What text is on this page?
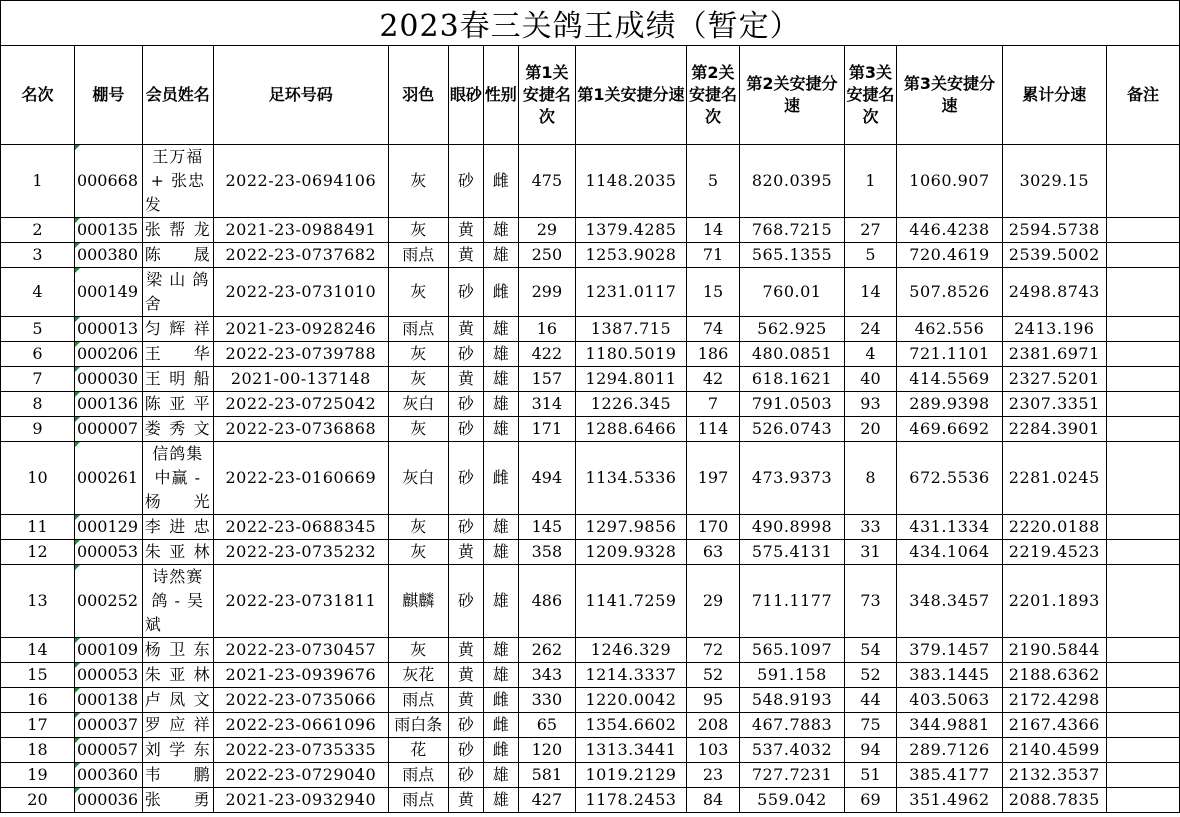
2023春三关鸽王成绩（暂定）
名次	棚号	会员姓名	足环号码	羽色	眼砂	性别	第1关安捷名次	第1关安捷分速	第2关安捷名次	第2关安捷分速	第3关安捷名次	第3关安捷分速	累计分速	备注
1	000668	王万福 + 张忠发	2022-23-0694106	灰	砂	雌	475	1148.2035	5	820.0395	1	1060.907	3029.15	
2	000135	张帮龙	2021-23-0988491	灰	黄	雄	29	1379.4285	14	768.7215	27	446.4238	2594.5738	
3	000380	陈 晟	2022-23-0737682	雨点	黄	雄	250	1253.9028	71	565.1355	5	720.4619	2539.5002	
4	000149	梁 山 鸽 舍	2022-23-0731010	灰	砂	雌	299	1231.0117	15	760.01	14	507.8526	2498.8743	
5	000013	匀辉祥	2021-23-0928246	雨点	黄	雄	16	1387.715	74	562.925	24	462.556	2413.196	
6	000206	王 华	2022-23-0739788	灰	砂	雄	422	1180.5019	186	480.0851	4	721.1101	2381.6971	
7	000030	王明船	2021-00-137148	灰	黄	雄	157	1294.8011	42	618.1621	40	414.5569	2327.5201	
8	000136	陈亚平	2022-23-0725042	灰白	砂	雄	314	1226.345	7	791.0503	93	289.9398	2307.3351	
9	000007	娄秀文	2022-23-0736868	灰	砂	雄	171	1288.6466	114	526.0743	20	469.6692	2284.3901	
10	000261	信鸽集中赢 - 杨 光	2022-23-0160669	灰白	砂	雌	494	1134.5336	197	473.9373	8	672.5536	2281.0245	
11	000129	李进忠	2022-23-0688345	灰	砂	雄	145	1297.9856	170	490.8998	33	431.1334	2220.0188	
12	000053	朱亚林	2022-23-0735232	灰	黄	雄	358	1209.9328	63	575.4131	31	434.1064	2219.4523	
13	000252	诗然赛鸽 - 吴 斌	2022-23-0731811	麒麟	砂	雄	486	1141.7259	29	711.1177	73	348.3457	2201.1893	
14	000109	杨卫东	2022-23-0730457	灰	黄	雄	262	1246.329	72	565.1097	54	379.1457	2190.5844	
15	000053	朱亚林	2021-23-0939676	灰花	黄	雄	343	1214.3337	52	591.158	52	383.1445	2188.6362	
16	000138	卢凤文	2022-23-0735066	雨点	黄	雌	330	1220.0042	95	548.9193	44	403.5063	2172.4298	
17	000037	罗应祥	2022-23-0661096	雨白条	砂	雌	65	1354.6602	208	467.7883	75	344.9881	2167.4366	
18	000057	刘学东	2022-23-0735335	花	砂	雌	120	1313.3441	103	537.4032	94	289.7126	2140.4599	
19	000360	韦 鹏	2022-23-0729040	雨点	砂	雄	581	1019.2129	23	727.7231	51	385.4177	2132.3537	
20	000036	张 勇	2021-23-0932940	雨点	黄	雄	427	1178.2453	84	559.042	69	351.4962	2088.7835	
